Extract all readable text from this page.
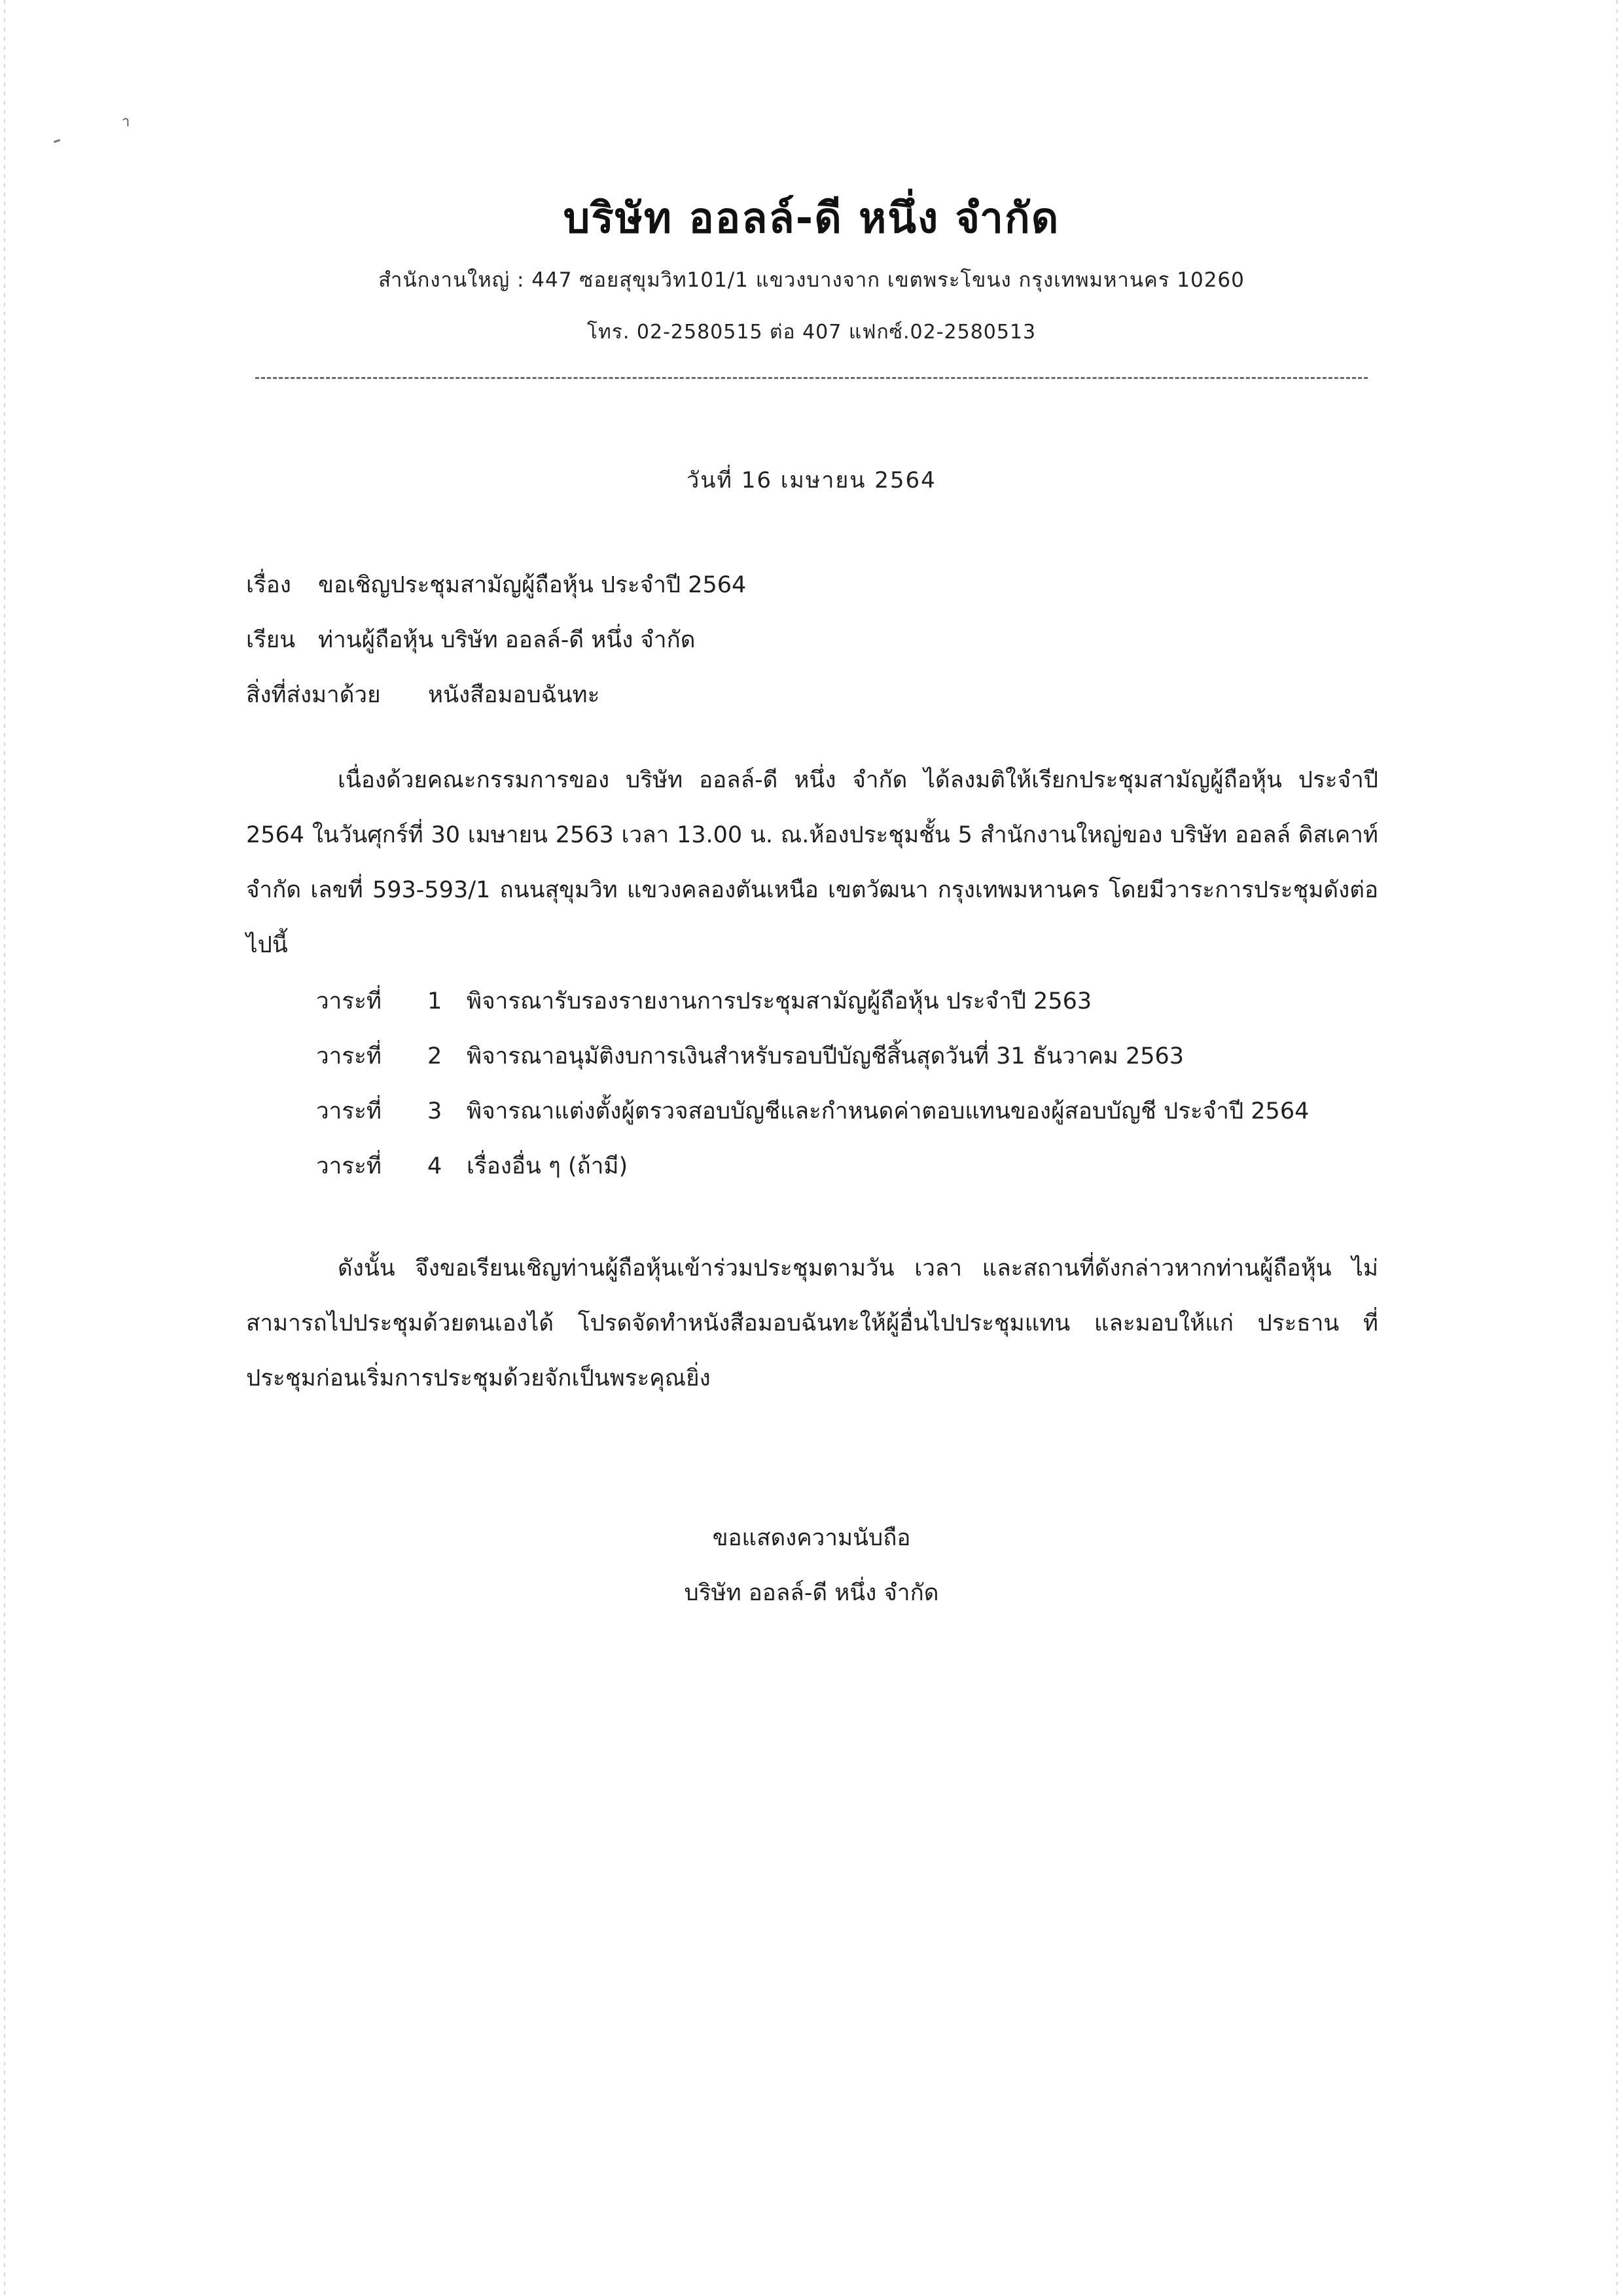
า
บริษัท ออลล์-ดี หนึ่ง จำกัด
สำนักงานใหญ่ : 447 ซอยสุขุมวิท101/1 แขวงบางจาก เขตพระโขนง กรุงเทพมหานคร 10260
โทร. 02-2580515 ต่อ 407 แฟกซ์.02-2580513
วันที่ 16 เมษายน 2564
เรื่อง ขอเชิญประชุมสามัญผู้ถือหุ้น ประจำปี 2564
เรียน ท่านผู้ถือหุ้น บริษัท ออลล์-ดี หนึ่ง จำกัด
สิ่งที่ส่งมาด้วย หนังสือมอบฉันทะ
เนื่องด้วยคณะกรรมการของ บริษัท ออลล์-ดี หนึ่ง จำกัด ได้ลงมติให้เรียกประชุมสามัญผู้ถือหุ้น ประจำปี 2564 ในวันศุกร์ที่ 30 เมษายน 2563 เวลา 13.00 น. ณ.ห้องประชุมชั้น 5 สำนักงานใหญ่ของ บริษัท ออลล์ ดิสเคาท์ จำกัด เลขที่ 593-593/1 ถนนสุขุมวิท แขวงคลองตันเหนือ เขตวัฒนา กรุงเทพมหานคร โดยมีวาระการประชุมดังต่อไปนี้
วาระที่ 1 พิจารณารับรองรายงานการประชุมสามัญผู้ถือหุ้น ประจำปี 2563
วาระที่ 2 พิจารณาอนุมัติงบการเงินสำหรับรอบปีบัญชีสิ้นสุดวันที่ 31 ธันวาคม 2563
วาระที่ 3 พิจารณาแต่งตั้งผู้ตรวจสอบบัญชีและกำหนดค่าตอบแทนของผู้สอบบัญชี ประจำปี 2564
วาระที่ 4 เรื่องอื่น ๆ (ถ้ามี)
ดังนั้น จึงขอเรียนเชิญท่านผู้ถือหุ้นเข้าร่วมประชุมตามวัน เวลา และสถานที่ดังกล่าวหากท่านผู้ถือหุ้น ไม่สามารถไปประชุมด้วยตนเองได้ โปรดจัดทำหนังสือมอบฉันทะให้ผู้อื่นไปประชุมแทน และมอบให้แก่ ประธาน ที่ประชุมก่อนเริ่มการประชุมด้วยจักเป็นพระคุณยิ่ง
ขอแสดงความนับถือ
บริษัท ออลล์-ดี หนึ่ง จำกัด
